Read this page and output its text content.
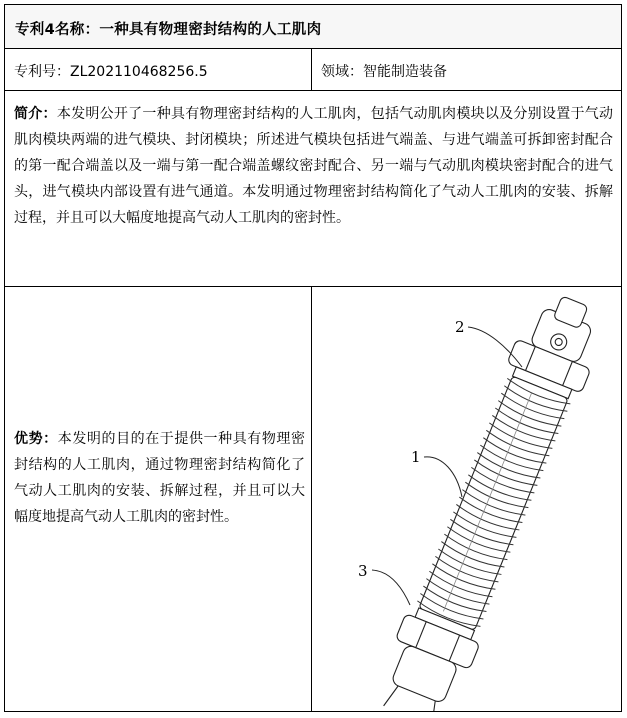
专利4名称：一种具有物理密封结构的人工肌肉
专利号：ZL202110468256.5	领域：智能制造装备
简介：本发明公开了一种具有物理密封结构的人工肌肉，包括气动肌肉模块以及分别设置于气动肌肉模块两端的进气模块、封闭模块；所述进气模块包括进气端盖、与进气端盖可拆卸密封配合的第一配合端盖以及一端与第一配合端盖螺纹密封配合、另一端与气动肌肉模块密封配合的进气头，进气模块内部设置有进气通道。本发明通过物理密封结构简化了气动人工肌肉的安装、拆解过程，并且可以大幅度地提高气动人工肌肉的密封性。
优势：本发明的目的在于提供一种具有物理密封结构的人工肌肉，通过物理密封结构简化了气动人工肌肉的安装、拆解过程，并且可以大幅度地提高气动人工肌肉的密封性。
1
2
3
